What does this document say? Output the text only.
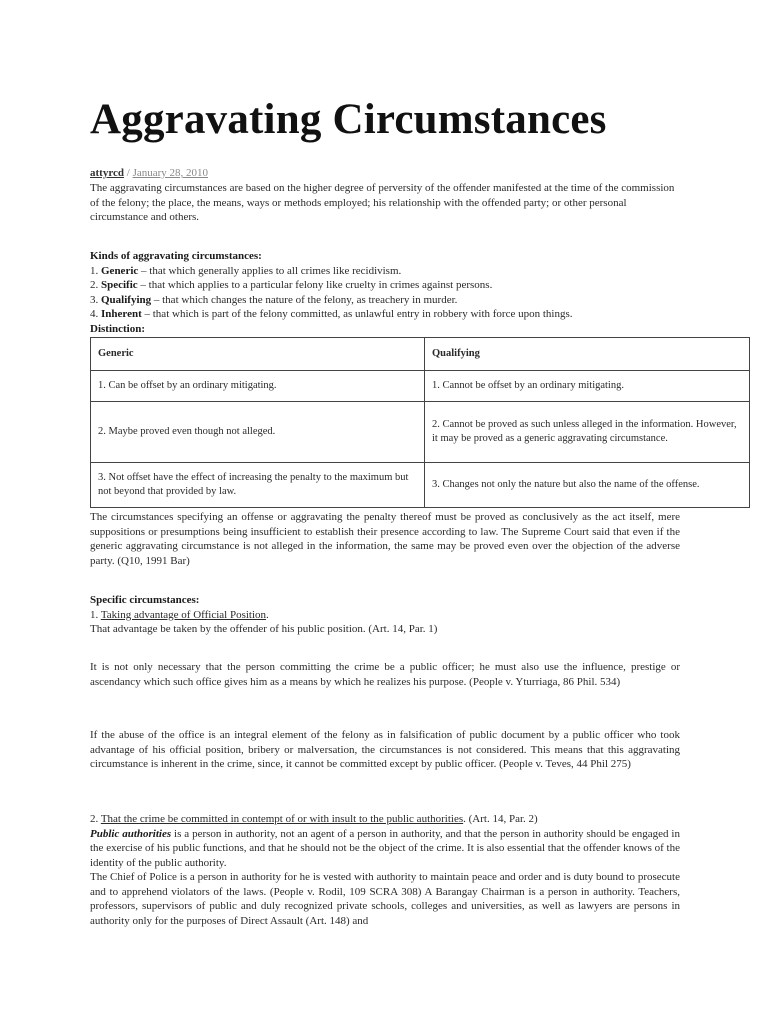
Aggravating Circumstances
attyrcd / January 28, 2010

The aggravating circumstances are based on the higher degree of perversity of the offender manifested at the time of the commission of the felony; the place, the means, ways or methods employed; his relationship with the offended party; or other personal circumstance and others.

Kinds of aggravating circumstances:
1. Generic – that which generally applies to all crimes like recidivism.
2. Specific – that which applies to a particular felony like cruelty in crimes against persons.
3. Qualifying – that which changes the nature of the felony, as treachery in murder.
4. Inherent – that which is part of the felony committed, as unlawful entry in robbery with force upon things.
Distinction:
Generic	Qualifying
1. Can be offset by an ordinary mitigating.	1. Cannot be offset by an ordinary mitigating.
2. Maybe proved even though not alleged.	2. Cannot be proved as such unless alleged in the information. However, it may be proved as a generic aggravating circumstance.
3. Not offset have the effect of increasing the penalty to the maximum but not beyond that provided by law.	3. Changes not only the nature but also the name of the offense.

The circumstances specifying an offense or aggravating the penalty thereof must be proved as conclusively as the act itself, mere suppositions or presumptions being insufficient to establish their presence according to law. The Supreme Court said that even if the generic aggravating circumstance is not alleged in the information, the same may be proved even over the objection of the adverse party. (Q10, 1991 Bar)

Specific circumstances:
1. Taking advantage of Official Position.
That advantage be taken by the offender of his public position. (Art. 14, Par. 1)

It is not only necessary that the person committing the crime be a public officer; he must also use the influence, prestige or ascendancy which such office gives him as a means by which he realizes his purpose. (People v. Yturriaga, 86 Phil. 534)

If the abuse of the office is an integral element of the felony as in falsification of public document by a public officer who took advantage of his official position, bribery or malversation, the circumstances is not considered. This means that this aggravating circumstance is inherent in the crime, since, it cannot be committed except by public officer. (People v. Teves, 44 Phil 275)

2. That the crime be committed in contempt of or with insult to the public authorities. (Art. 14, Par. 2)
Public authorities is a person in authority, not an agent of a person in authority, and that the person in authority should be engaged in the exercise of his public functions, and that he should not be the object of the crime. It is also essential that the offender knows of the identity of the public authority.
The Chief of Police is a person in authority for he is vested with authority to maintain peace and order and is duty bound to prosecute and to apprehend violators of the laws. (People v. Rodil, 109 SCRA 308) A Barangay Chairman is a person in authority. Teachers, professors, supervisors of public and duly recognized private schools, colleges and universities, as well as lawyers are persons in authority only for the purposes of Direct Assault (Art. 148) and
